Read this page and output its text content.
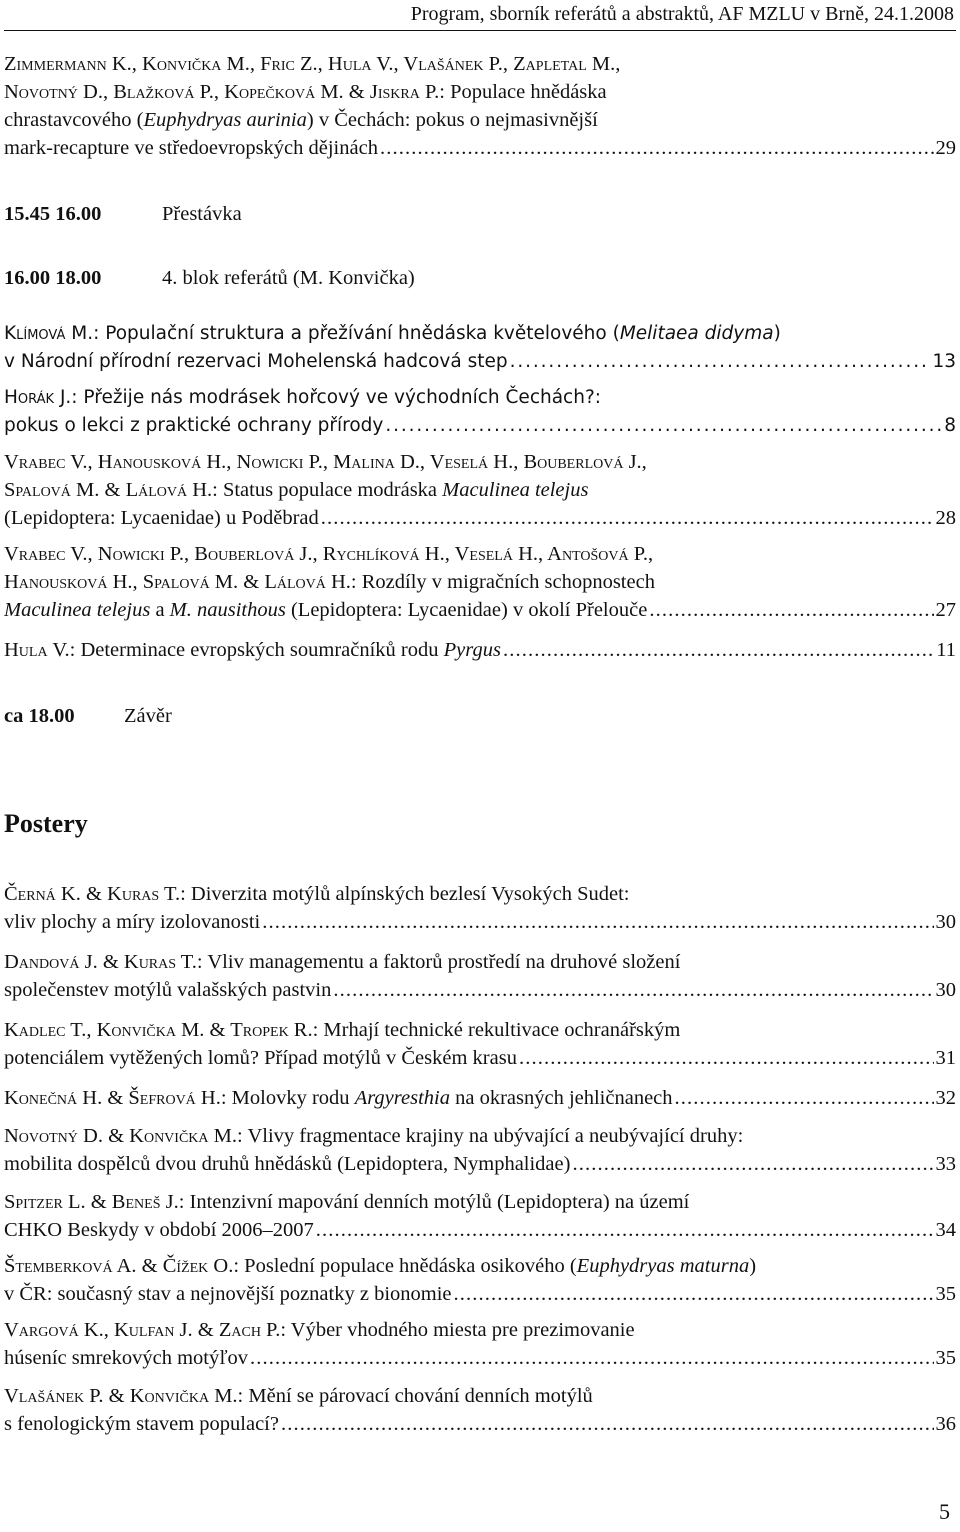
Program, sborník referátů a abstraktů, AF MZLU v Brně, 24.1.2008
Zimmermann K., Konvička M., Fric Z., Hula V., Vlašánek P., Zapletal M.,
Novotný D., Blažková P., Kopečková M. & Jiskra P.: Populace hnědáska
chrastavcového (Euphydryas aurinia) v Čechách: pokus o nejmasivnější
mark-recapture ve středoevropských dějinách . . .	29
15.45 16.00	Přestávka
16.00 18.00	4. blok referátů (M. Konvička)
Klímová M.: Populační struktura a přežívání hnědáska květelového (Melitaea didyma)
v Národní přírodní rezervaci Mohelenská hadcová step . . .	13
Horák J.: Přežije nás modrásek hořcový ve východních Čechách?:
pokus o lekci z praktické ochrany přírody . . .	8
Vrabec V., Hanousková H., Nowicki P., Malina D., Veselá H., Bouberlová J.,
Spalová M. & Lálová H.: Status populace modráska Maculinea telejus
(Lepidoptera: Lycaenidae) u Poděbrad . . .	28
Vrabec V., Nowicki P., Bouberlová J., Rychlíková H., Veselá H., Antošová P.,
Hanousková H., Spalová M. & Lálová H.: Rozdíly v migračních schopnostech
Maculinea telejus a M. nausithous (Lepidoptera: Lycaenidae) v okolí Přelouče . . .	27
Hula V.: Determinace evropských soumračníků rodu Pyrgus . . .	11
ca 18.00 Závěr
Postery
Černá K. & Kuras T.: Diverzita motýlů alpínských bezlesí Vysokých Sudet:
vliv plochy a míry izolovanosti . . .	30
Dandová J. & Kuras T.: Vliv managementu a faktorů prostředí na druhové složení
společenstev motýlů valašských pastvin . . .	30
Kadlec T., Konvička M. & Tropek R.: Mrhají technické rekultivace ochranářským
potenciálem vytěžených lomů? Případ motýlů v Českém krasu . . .	31
Konečná H. & Šefrová H.: Molovky rodu Argyresthia na okrasných jehličnanech . . .	32
Novotný D. & Konvička M.: Vlivy fragmentace krajiny na ubývající a neubývající druhy:
mobilita dospělců dvou druhů hnědásků (Lepidoptera, Nymphalidae) . . .	33
Spitzer L. & Beneš J.: Intenzivní mapování denních motýlů (Lepidoptera) na území
CHKO Beskydy v období 2006–2007 . . .	34
Štemberková A. & Čížek O.: Poslední populace hnědáska osikového (Euphydryas maturna)
v ČR: současný stav a nejnovější poznatky z bionomie . . .	35
Vargová K., Kulfan J. & Zach P.: Výber vhodného miesta pre prezimovanie
húseníc smrekových motýľov . . .	35
Vlašánek P. & Konvička M.: Mění se párovací chování denních motýlů
s fenologickým stavem populací? . . .	36
5
